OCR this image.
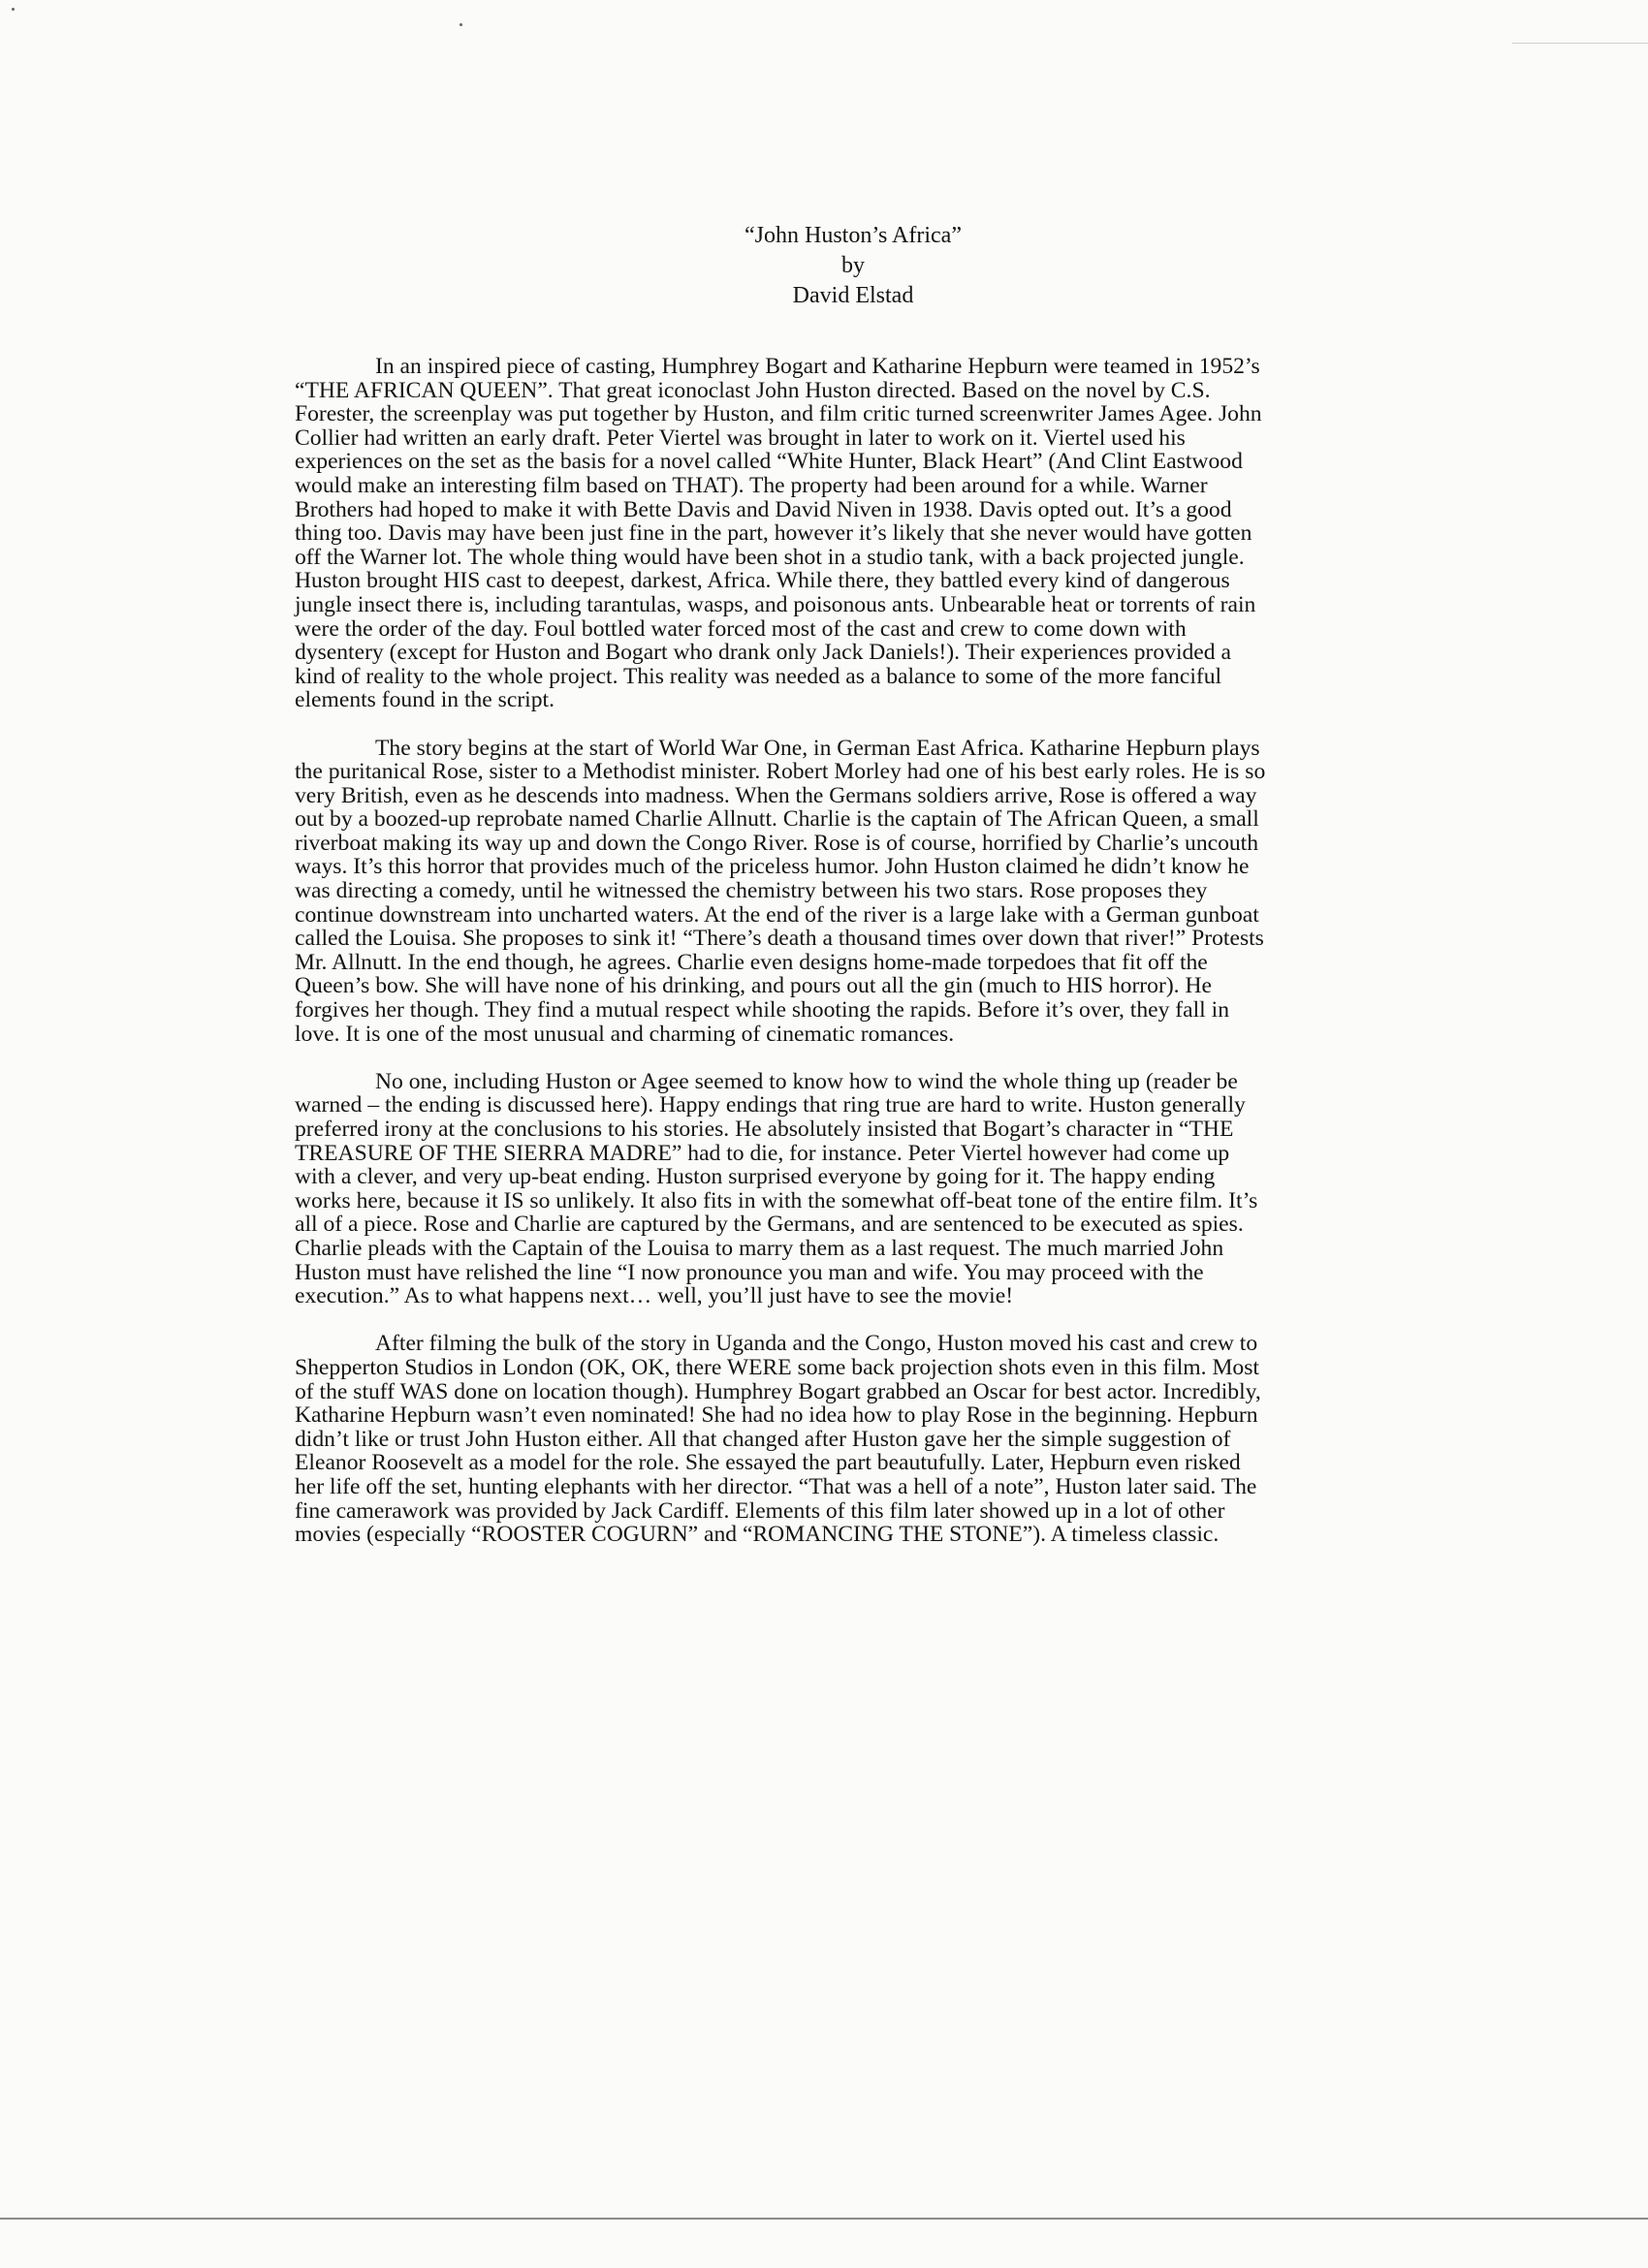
“John Huston’s Africa”
by
David Elstad
In an inspired piece of casting, Humphrey Bogart and Katharine Hepburn were teamed in 1952’s
“THE AFRICAN QUEEN”. That great iconoclast John Huston directed. Based on the novel by C.S.
Forester, the screenplay was put together by Huston, and film critic turned screenwriter James Agee. John
Collier had written an early draft. Peter Viertel was brought in later to work on it. Viertel used his
experiences on the set as the basis for a novel called “White Hunter, Black Heart” (And Clint Eastwood
would make an interesting film based on THAT). The property had been around for a while. Warner
Brothers had hoped to make it with Bette Davis and David Niven in 1938. Davis opted out. It’s a good
thing too. Davis may have been just fine in the part, however it’s likely that she never would have gotten
off the Warner lot. The whole thing would have been shot in a studio tank, with a back projected jungle.
Huston brought HIS cast to deepest, darkest, Africa. While there, they battled every kind of dangerous
jungle insect there is, including tarantulas, wasps, and poisonous ants. Unbearable heat or torrents of rain
were the order of the day. Foul bottled water forced most of the cast and crew to come down with
dysentery (except for Huston and Bogart who drank only Jack Daniels!). Their experiences provided a
kind of reality to the whole project. This reality was needed as a balance to some of the more fanciful
elements found in the script.
The story begins at the start of World War One, in German East Africa. Katharine Hepburn plays
the puritanical Rose, sister to a Methodist minister. Robert Morley had one of his best early roles. He is so
very British, even as he descends into madness. When the Germans soldiers arrive, Rose is offered a way
out by a boozed-up reprobate named Charlie Allnutt. Charlie is the captain of The African Queen, a small
riverboat making its way up and down the Congo River. Rose is of course, horrified by Charlie’s uncouth
ways. It’s this horror that provides much of the priceless humor. John Huston claimed he didn’t know he
was directing a comedy, until he witnessed the chemistry between his two stars. Rose proposes they
continue downstream into uncharted waters. At the end of the river is a large lake with a German gunboat
called the Louisa. She proposes to sink it! “There’s death a thousand times over down that river!” Protests
Mr. Allnutt. In the end though, he agrees. Charlie even designs home-made torpedoes that fit off the
Queen’s bow. She will have none of his drinking, and pours out all the gin (much to HIS horror). He
forgives her though. They find a mutual respect while shooting the rapids. Before it’s over, they fall in
love. It is one of the most unusual and charming of cinematic romances.
No one, including Huston or Agee seemed to know how to wind the whole thing up (reader be
warned – the ending is discussed here). Happy endings that ring true are hard to write. Huston generally
preferred irony at the conclusions to his stories. He absolutely insisted that Bogart’s character in “THE
TREASURE OF THE SIERRA MADRE” had to die, for instance. Peter Viertel however had come up
with a clever, and very up-beat ending. Huston surprised everyone by going for it. The happy ending
works here, because it IS so unlikely. It also fits in with the somewhat off-beat tone of the entire film. It’s
all of a piece. Rose and Charlie are captured by the Germans, and are sentenced to be executed as spies.
Charlie pleads with the Captain of the Louisa to marry them as a last request. The much married John
Huston must have relished the line “I now pronounce you man and wife. You may proceed with the
execution.” As to what happens next… well, you’ll just have to see the movie!
After filming the bulk of the story in Uganda and the Congo, Huston moved his cast and crew to
Shepperton Studios in London (OK, OK, there WERE some back projection shots even in this film. Most
of the stuff WAS done on location though). Humphrey Bogart grabbed an Oscar for best actor. Incredibly,
Katharine Hepburn wasn’t even nominated! She had no idea how to play Rose in the beginning. Hepburn
didn’t like or trust John Huston either. All that changed after Huston gave her the simple suggestion of
Eleanor Roosevelt as a model for the role. She essayed the part beautufully. Later, Hepburn even risked
her life off the set, hunting elephants with her director. “That was a hell of a note”, Huston later said. The
fine camerawork was provided by Jack Cardiff. Elements of this film later showed up in a lot of other
movies (especially “ROOSTER COGURN” and “ROMANCING THE STONE”). A timeless classic.
